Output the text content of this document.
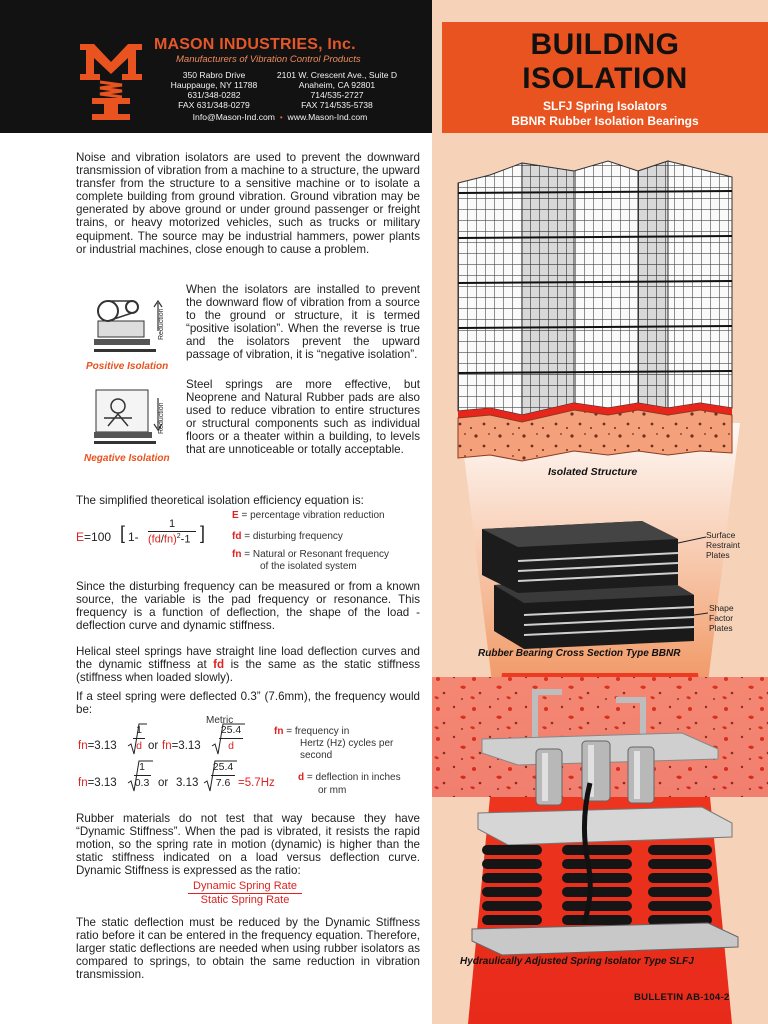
MASON INDUSTRIES, Inc.
Manufacturers of Vibration Control Products
350 Rabro Drive
Hauppauge, NY 11788
631/348-0282
FAX 631/348-0279
2101 W. Crescent Ave., Suite D
Anaheim, CA 92801
714/535-2727
FAX 714/535-5738
Info@Mason-Ind.com • www.Mason-Ind.com
BUILDING
ISOLATION
SLFJ Spring Isolators
BBNR Rubber Isolation Bearings
Isolated Structure
Surface
Restraint
Plates
Shape
Factor
Plates
Rubber Bearing Cross Section Type BBNR
Hydraulically Adjusted Spring Isolator Type SLFJ
Noise and vibration isolators are used to prevent the downward transmission of vibration from a machine to a structure, the upward transfer from the structure to a sensitive machine or to isolate a complete building from ground vibration. Ground vibration may be generated by above ground or under ground passenger or freight trains, or heavy motorized vehicles, such as trucks or military equipment. The source may be industrial hammers, power plants or industrial machines, close enough to cause a problem.
Reduction
Positive Isolation
Reduction
Negative Isolation
When the isolators are installed to prevent the downward flow of vibration from a source to the ground or structure, it is termed “positive isolation”. When the reverse is true and the isolators prevent the upward passage of vibration, it is “negative isolation”.
Steel springs are more effective, but Neoprene and Natural Rubber pads are also used to reduce vibration to entire structures or structural components such as individual floors or a theater within a building, to levels that are unnoticeable or totally acceptable.
The simplified theoretical isolation efficiency equation is:
E=100 [ 1-
1
$(fd/fn)^2-1$ ]
E = percentage vibration reduction
fd = disturbing frequency
fn = Natural or Resonant frequency
of the isolated system
Since the disturbing frequency can be measured or from a known source, the variable is the pad frequency or resonance. This frequency is a function of deflection, the shape of the load - deflection curve and dynamic stiffness.
Helical steel springs have straight line load deflection curves and the dynamic stiffness at fd is the same as the static stiffness (stiffness when loaded slowly).
If a steel spring were deflected 0.3” (7.6mm), the frequency would be:
Metric
fn=3.13
1
d or fn=3.13
25.4
d
fn=3.13
1
0.3 or 3.13
25.4
7.6 =5.7Hz
fn = frequency in
Hertz (Hz) cycles per
second
d = deflection in inches
or mm
Rubber materials do not test that way because they have “Dynamic Stiffness”. When the pad is vibrated, it resists the rapid motion, so the spring rate in motion (dynamic) is higher than the static stiffness indicated on a load versus deflection curve. Dynamic Stiffness is expressed as the ratio:
Dynamic Spring Rate
Static Spring Rate
The static deflection must be reduced by the Dynamic Stiffness ratio before it can be entered in the frequency equation. Therefore, larger static deflections are needed when using rubber isolators as compared to springs, to obtain the same reduction in vibration transmission.
BULLETIN AB-104-2
